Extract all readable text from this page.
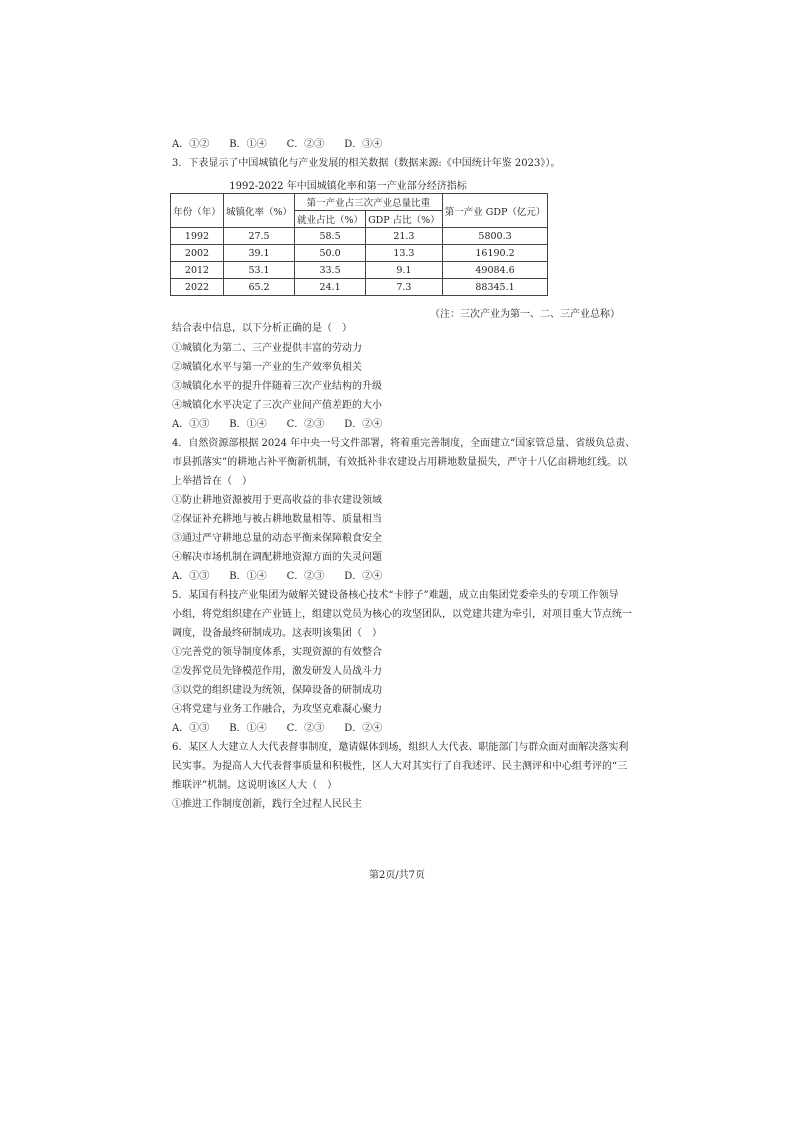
A．①② B．①④ C．②③ D．③④
3．下表显示了中国城镇化与产业发展的相关数据（数据来源:《中国统计年鉴 2023》）。
1992-2022 年中国城镇化率和第一产业部分经济指标
年份（年）	城镇化率（%）	第一产业占三次产业总量比重		第一产业 GDP（亿元）
		就业占比（%）	GDP 占比（%）	
1992	27.5	58.5	21.3	5800.3
2002	39.1	50.0	13.3	16190.2
2012	53.1	33.5	9.1	49084.6
2022	65.2	24.1	7.3	88345.1
（注：三次产业为第一、二、三产业总称）
结合表中信息，以下分析正确的是（　）
①城镇化为第二、三产业提供丰富的劳动力
②城镇化水平与第一产业的生产效率负相关
③城镇化水平的提升伴随着三次产业结构的升级
④城镇化水平决定了三次产业间产值差距的大小
A．①③ B．①④ C．②③ D．②④
4．自然资源部根据 2024 年中央一号文件部署，将着重完善制度，全面建立“国家管总量、省级负总责、
市县抓落实”的耕地占补平衡新机制，有效抵补非农建设占用耕地数量损失，严守十八亿亩耕地红线。以
上举措旨在（　）
①防止耕地资源被用于更高收益的非农建设领域
②保证补充耕地与被占耕地数量相等、质量相当
③通过严守耕地总量的动态平衡来保障粮食安全
④解决市场机制在调配耕地资源方面的失灵问题
A．①③ B．①④ C．②③ D．②④
5．某国有科技产业集团为破解关键设备核心技术“卡脖子”难题，成立由集团党委牵头的专项工作领导
小组，将党组织建在产业链上，组建以党员为核心的攻坚团队，以党建共建为牵引，对项目重大节点统一
调度，设备最终研制成功。这表明该集团（　）
①完善党的领导制度体系，实现资源的有效整合
②发挥党员先锋模范作用，激发研发人员战斗力
③以党的组织建设为统领，保障设备的研制成功
④将党建与业务工作融合，为攻坚克难凝心聚力
A．①③ B．①④ C．②③ D．②④
6．某区人大建立人大代表督事制度，邀请媒体到场，组织人大代表、职能部门与群众面对面解决落实利
民实事。为提高人大代表督事质量和积极性，区人大对其实行了自我述评、民主测评和中心组考评的“三
维联评”机制。这说明该区人大（　）
①推进工作制度创新，践行全过程人民民主
第2页/共7页
